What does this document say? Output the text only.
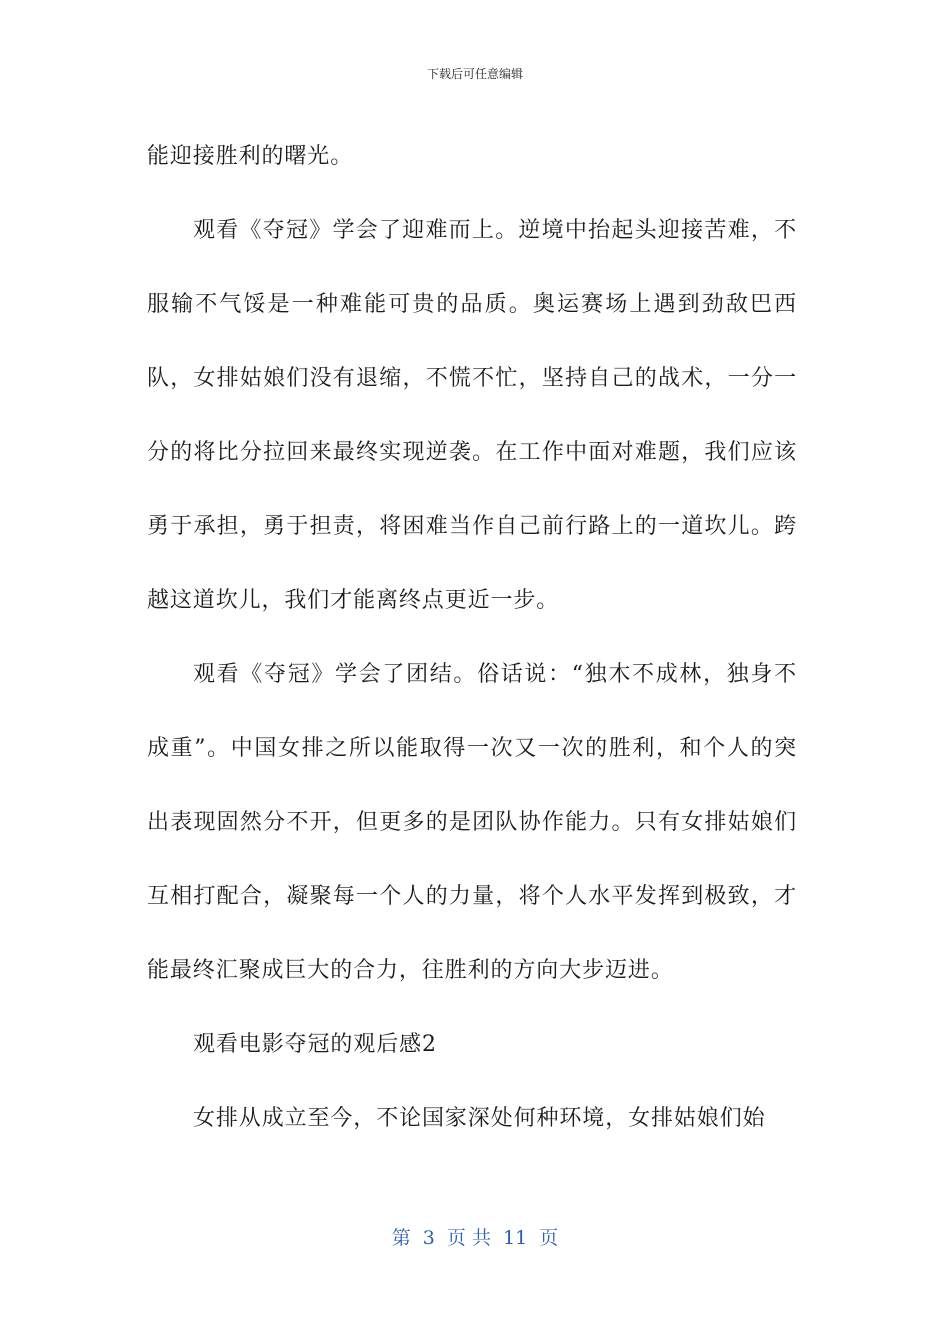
下载后可任意编辑

能迎接胜利的曙光。

观看《夺冠》学会了迎难而上。逆境中抬起头迎接苦难，不服输不气馁是一种难能可贵的品质。奥运赛场上遇到劲敌巴西队，女排姑娘们没有退缩，不慌不忙，坚持自己的战术，一分一分的将比分拉回来最终实现逆袭。在工作中面对难题，我们应该勇于承担，勇于担责，将困难当作自己前行路上的一道坎儿。跨越这道坎儿，我们才能离终点更近一步。

观看《夺冠》学会了团结。俗话说：“独木不成林，独身不成重”。中国女排之所以能取得一次又一次的胜利，和个人的突出表现固然分不开，但更多的是团队协作能力。只有女排姑娘们互相打配合，凝聚每一个人的力量，将个人水平发挥到极致，才能最终汇聚成巨大的合力，往胜利的方向大步迈进。

观看电影夺冠的观后感2

女排从成立至今，不论国家深处何种环境，女排姑娘们始

第 3 页 共 11 页
